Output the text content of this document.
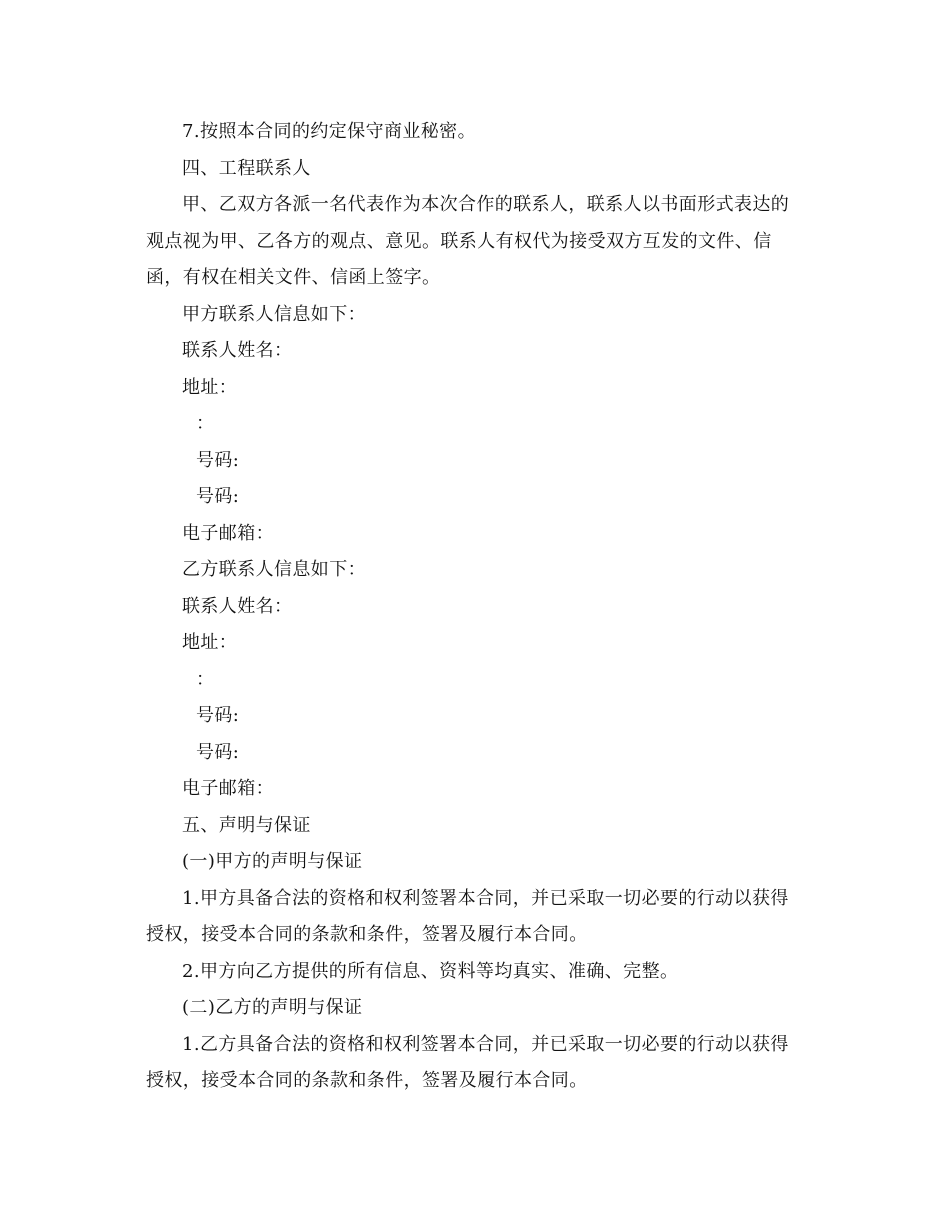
7.按照本合同的约定保守商业秘密。

四、工程联系人

甲、乙双方各派一名代表作为本次合作的联系人，联系人以书面形式表达的观点视为甲、乙各方的观点、意见。联系人有权代为接受双方互发的文件、信函，有权在相关文件、信函上签字。

甲方联系人信息如下：

联系人姓名：

地址：

：

号码:

号码:

电子邮箱：

乙方联系人信息如下：

联系人姓名：

地址：

：

号码:

号码:

电子邮箱：

五、声明与保证

(一)甲方的声明与保证

1.甲方具备合法的资格和权利签署本合同，并已采取一切必要的行动以获得授权，接受本合同的条款和条件，签署及履行本合同。

2.甲方向乙方提供的所有信息、资料等均真实、准确、完整。

(二)乙方的声明与保证

1.乙方具备合法的资格和权利签署本合同，并已采取一切必要的行动以获得授权，接受本合同的条款和条件，签署及履行本合同。
